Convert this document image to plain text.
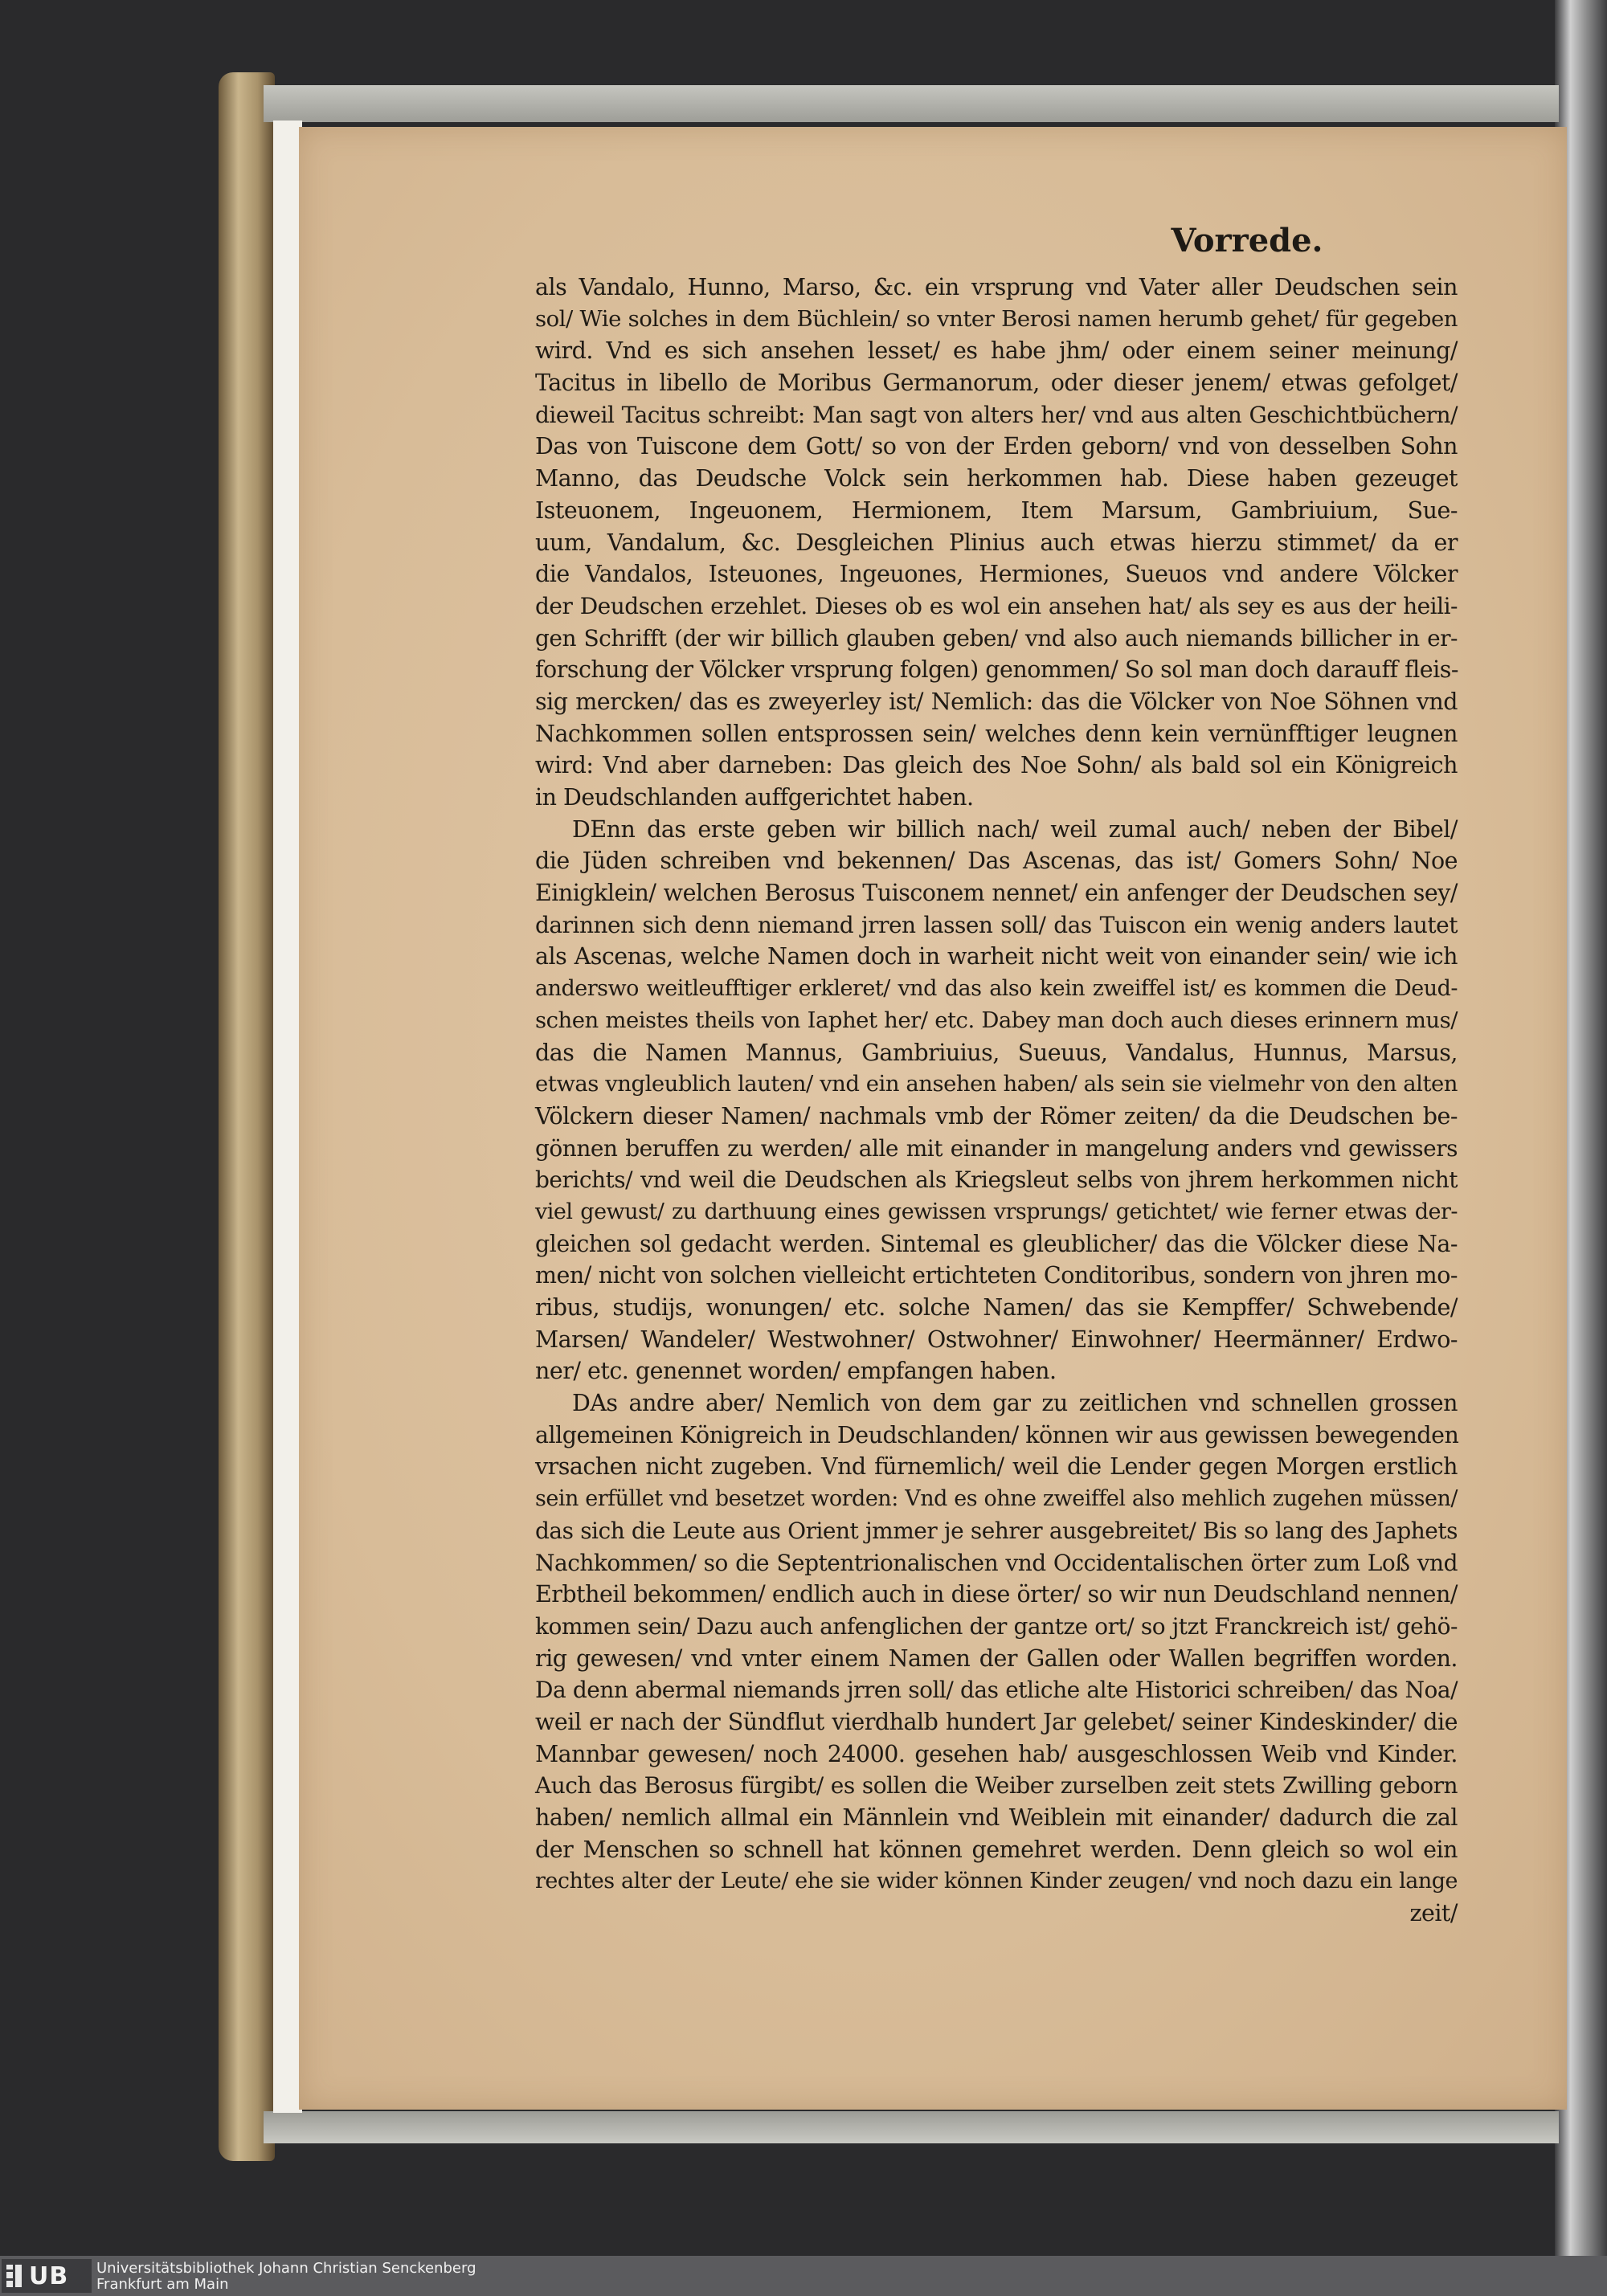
Vorrede.
als Vandalo, Hunno, Marso, &c. ein vrsprung vnd Vater aller Deudschen sein
sol/ Wie solches in dem Büchlein/ so vnter Berosi namen herumb gehet/ für gegeben
wird. Vnd es sich ansehen lesset/ es habe jhm/ oder einem seiner meinung/
Tacitus in libello de Moribus Germanorum, oder dieser jenem/ etwas gefolget/
dieweil Tacitus schreibt: Man sagt von alters her/ vnd aus alten Geschichtbüchern/
Das von Tuiscone dem Gott/ so von der Erden geborn/ vnd von desselben Sohn
Manno, das Deudsche Volck sein herkommen hab. Diese haben gezeuget
Isteuonem, Ingeuonem, Hermionem, Item Marsum, Gambriuium, Sue-
uum, Vandalum, &c. Desgleichen Plinius auch etwas hierzu stimmet/ da er
die Vandalos, Isteuones, Ingeuones, Hermiones, Sueuos vnd andere Völcker
der Deudschen erzehlet. Dieses ob es wol ein ansehen hat/ als sey es aus der heili-
gen Schrifft (der wir billich glauben geben/ vnd also auch niemands billicher in er-
forschung der Völcker vrsprung folgen) genommen/ So sol man doch darauff fleis-
sig mercken/ das es zweyerley ist/ Nemlich: das die Völcker von Noe Söhnen vnd
Nachkommen sollen entsprossen sein/ welches denn kein vernünfftiger leugnen
wird: Vnd aber darneben: Das gleich des Noe Sohn/ als bald sol ein Königreich
in Deudschlanden auffgerichtet haben.
DEnn das erste geben wir billich nach/ weil zumal auch/ neben der Bibel/
die Jüden schreiben vnd bekennen/ Das Ascenas, das ist/ Gomers Sohn/ Noe
Einigklein/ welchen Berosus Tuisconem nennet/ ein anfenger der Deudschen sey/
darinnen sich denn niemand jrren lassen soll/ das Tuiscon ein wenig anders lautet
als Ascenas, welche Namen doch in warheit nicht weit von einander sein/ wie ich
anderswo weitleufftiger erkleret/ vnd das also kein zweiffel ist/ es kommen die Deud-
schen meistes theils von Iaphet her/ etc. Dabey man doch auch dieses erinnern mus/
das die Namen Mannus, Gambriuius, Sueuus, Vandalus, Hunnus, Marsus,
etwas vngleublich lauten/ vnd ein ansehen haben/ als sein sie vielmehr von den alten
Völckern dieser Namen/ nachmals vmb der Römer zeiten/ da die Deudschen be-
gönnen beruffen zu werden/ alle mit einander in mangelung anders vnd gewissers
berichts/ vnd weil die Deudschen als Kriegsleut selbs von jhrem herkommen nicht
viel gewust/ zu darthuung eines gewissen vrsprungs/ getichtet/ wie ferner etwas der-
gleichen sol gedacht werden. Sintemal es gleublicher/ das die Völcker diese Na-
men/ nicht von solchen vielleicht ertichteten Conditoribus, sondern von jhren mo-
ribus, studijs, wonungen/ etc. solche Namen/ das sie Kempffer/ Schwebende/
Marsen/ Wandeler/ Westwohner/ Ostwohner/ Einwohner/ Heermänner/ Erdwo-
ner/ etc. genennet worden/ empfangen haben.
DAs andre aber/ Nemlich von dem gar zu zeitlichen vnd schnellen grossen
allgemeinen Königreich in Deudschlanden/ können wir aus gewissen bewegenden
vrsachen nicht zugeben. Vnd fürnemlich/ weil die Lender gegen Morgen erstlich
sein erfüllet vnd besetzet worden: Vnd es ohne zweiffel also mehlich zugehen müssen/
das sich die Leute aus Orient jmmer je sehrer ausgebreitet/ Bis so lang des Japhets
Nachkommen/ so die Septentrionalischen vnd Occidentalischen örter zum Loß vnd
Erbtheil bekommen/ endlich auch in diese örter/ so wir nun Deudschland nennen/
kommen sein/ Dazu auch anfenglichen der gantze ort/ so jtzt Franckreich ist/ gehö-
rig gewesen/ vnd vnter einem Namen der Gallen oder Wallen begriffen worden.
Da denn abermal niemands jrren soll/ das etliche alte Historici schreiben/ das Noa/
weil er nach der Sündflut vierdhalb hundert Jar gelebet/ seiner Kindeskinder/ die
Mannbar gewesen/ noch 24000. gesehen hab/ ausgeschlossen Weib vnd Kinder.
Auch das Berosus fürgibt/ es sollen die Weiber zurselben zeit stets Zwilling geborn
haben/ nemlich allmal ein Männlein vnd Weiblein mit einander/ dadurch die zal
der Menschen so schnell hat können gemehret werden. Denn gleich so wol ein
rechtes alter der Leute/ ehe sie wider können Kinder zeugen/ vnd noch dazu ein lange
zeit/
UB Universitätsbibliothek Johann Christian Senckenberg
Frankfurt am Main
